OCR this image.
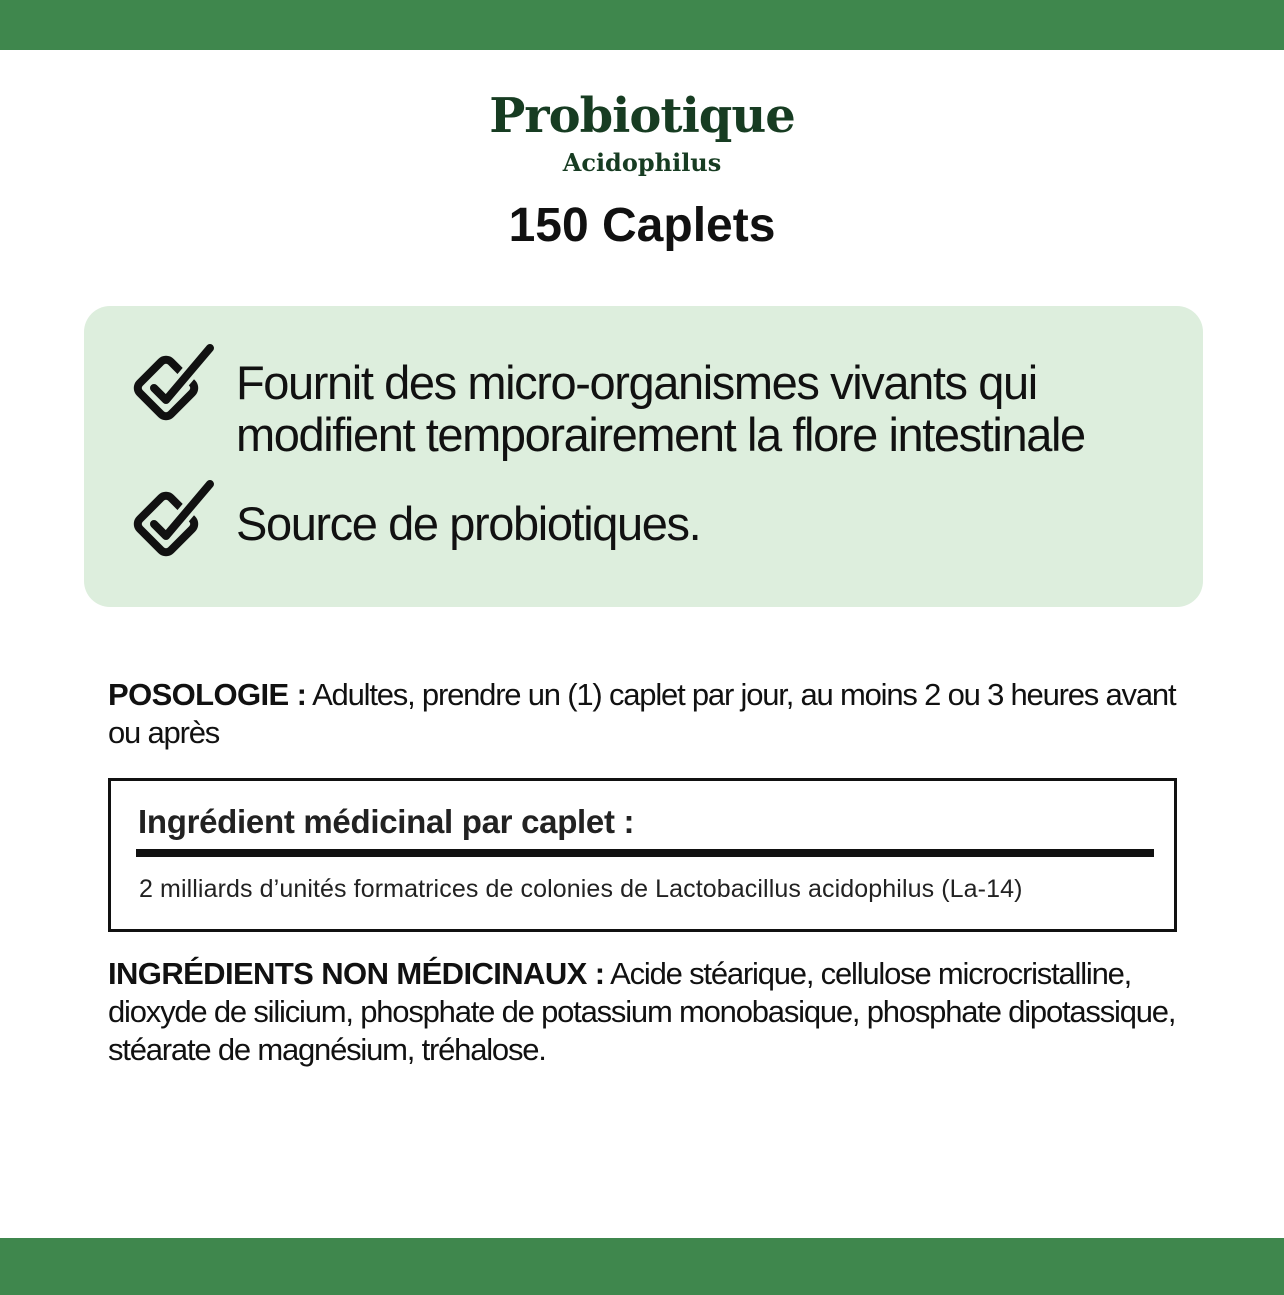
Probiotique
Acidophilus
150 Caplets
Fournit des micro-organismes vivants qui modifient temporairement la flore intestinale
Source de probiotiques.
POSOLOGIE : Adultes, prendre un (1) caplet par jour, au moins 2 ou 3 heures avant ou après
Ingrédient médicinal par caplet :
2 milliards d’unités formatrices de colonies de Lactobacillus acidophilus (La-14)
INGRÉDIENTS NON MÉDICINAUX : Acide stéarique, cellulose microcristalline, dioxyde de silicium, phosphate de potassium monobasique, phosphate dipotassique, stéarate de magnésium, tréhalose.
